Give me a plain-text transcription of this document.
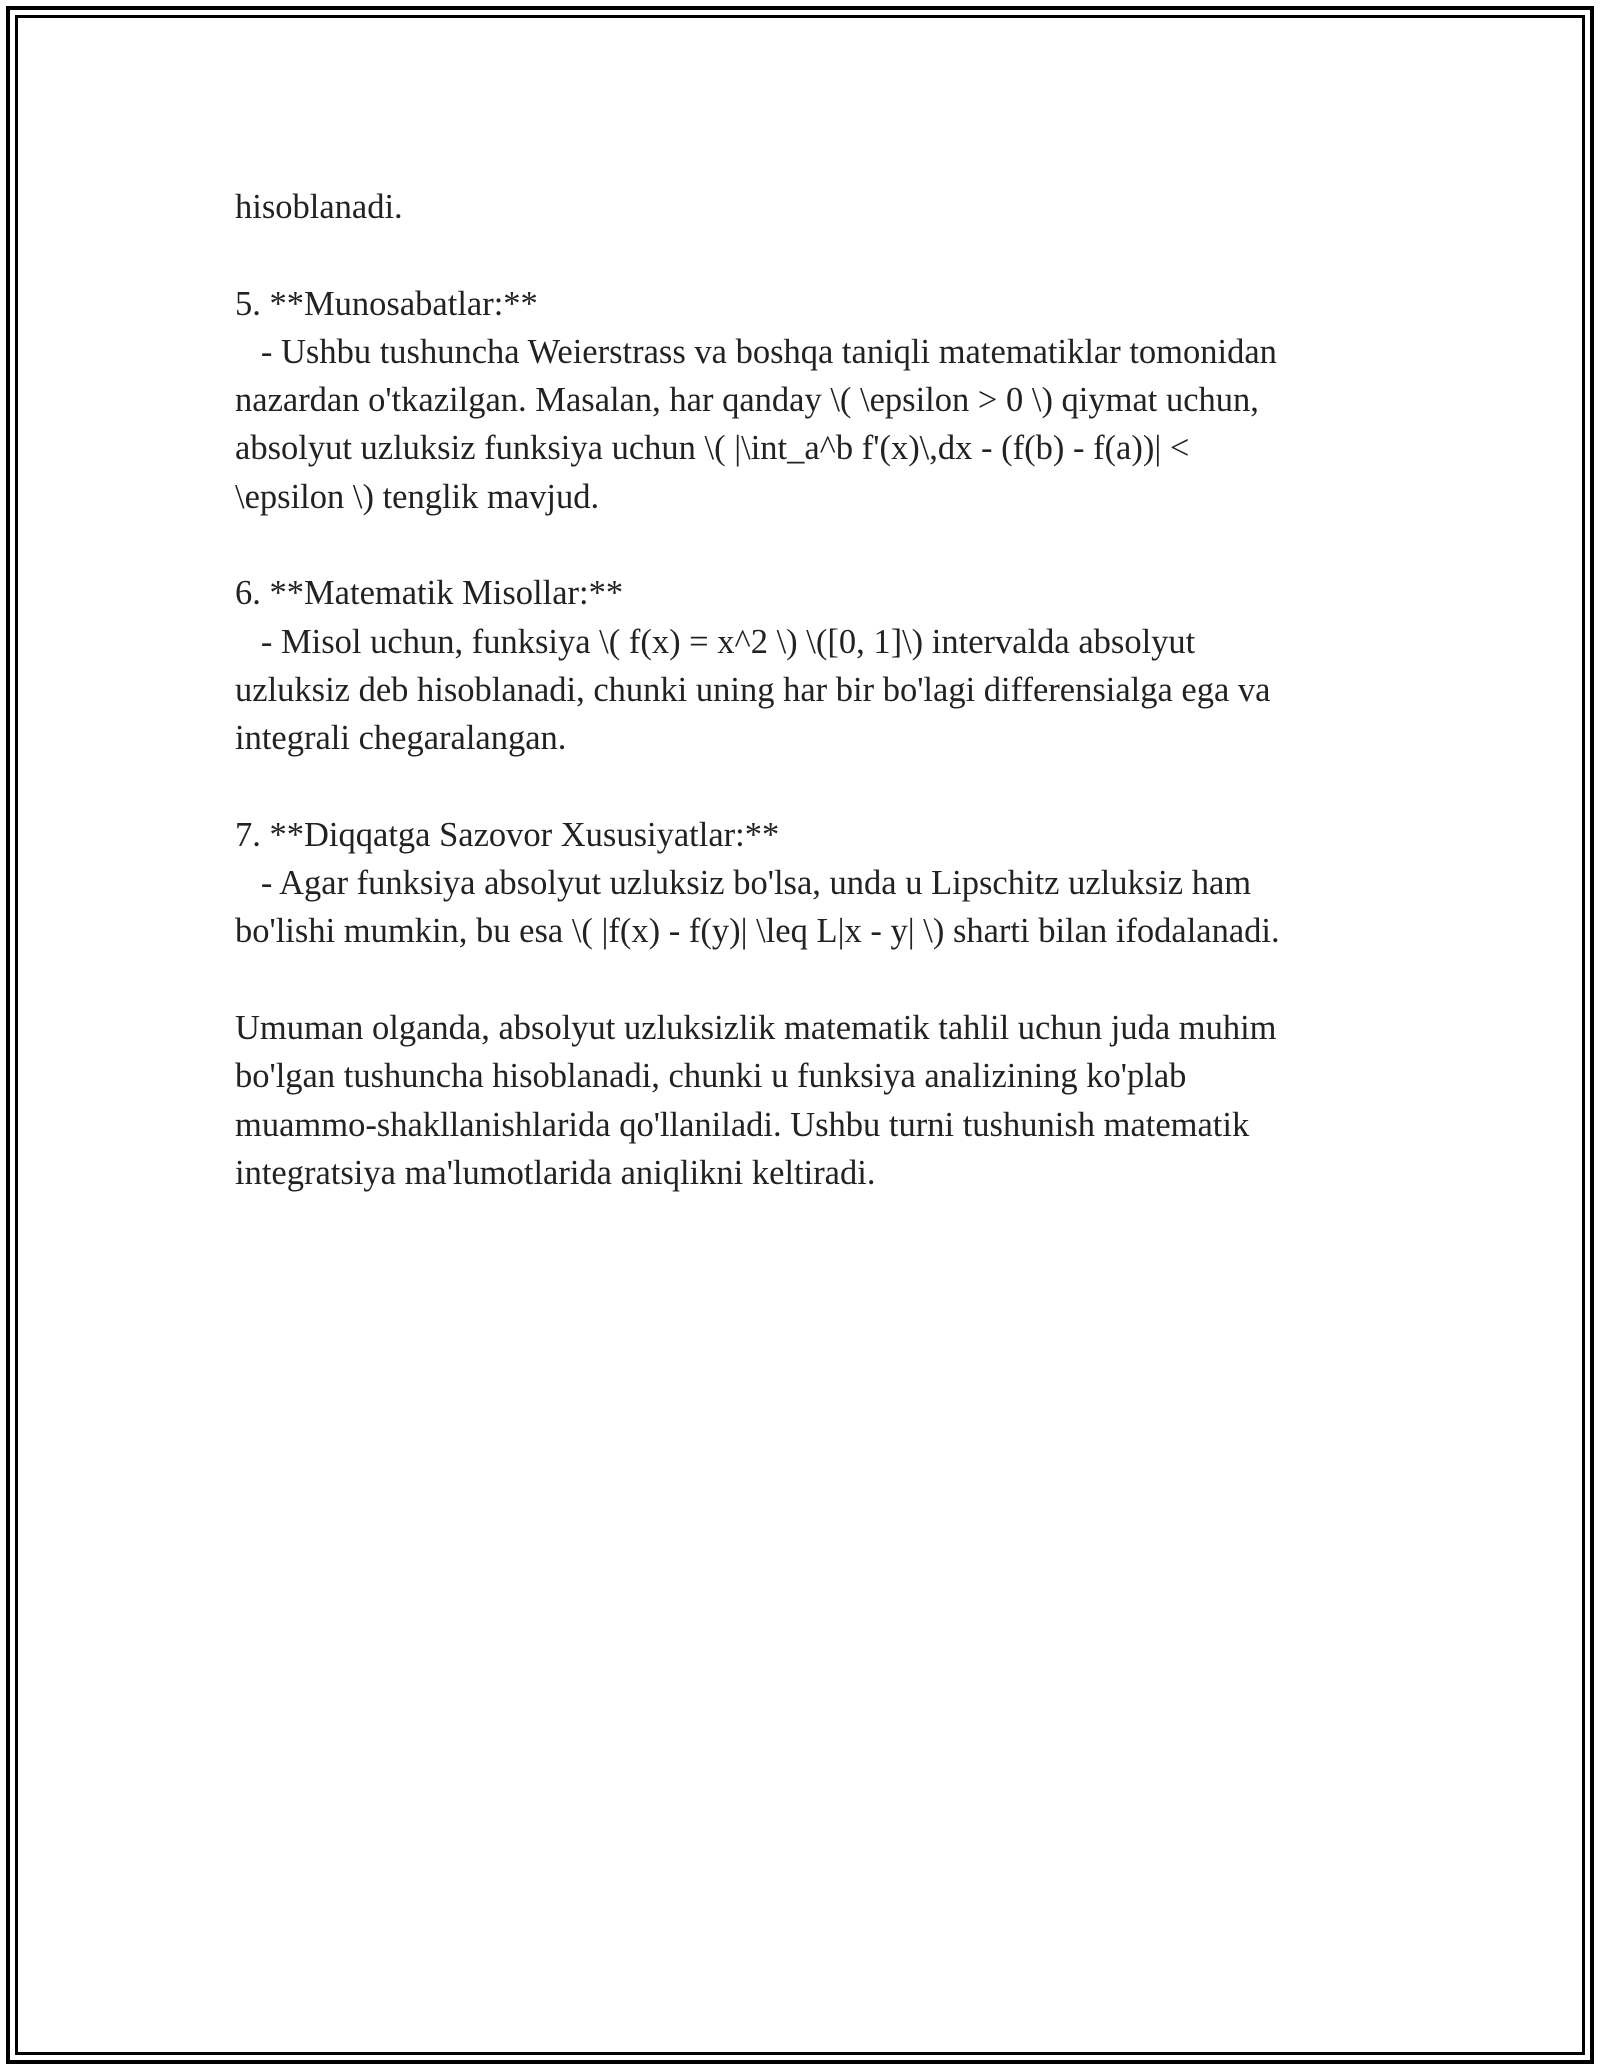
hisoblanadi.
5. **Munosabatlar:**
- Ushbu tushuncha Weierstrass va boshqa taniqli matematiklar tomonidan
nazardan o'tkazilgan. Masalan, har qanday \( \epsilon > 0 \) qiymat uchun,
absolyut uzluksiz funksiya uchun \( |\int_a^b f'(x)\,dx - (f(b) - f(a))| <
\epsilon \) tenglik mavjud.
6. **Matematik Misollar:**
- Misol uchun, funksiya \( f(x) = x^2 \) \([0, 1]\) intervalda absolyut
uzluksiz deb hisoblanadi, chunki uning har bir bo'lagi differensialga ega va
integrali chegaralangan.
7. **Diqqatga Sazovor Xususiyatlar:**
- Agar funksiya absolyut uzluksiz bo'lsa, unda u Lipschitz uzluksiz ham
bo'lishi mumkin, bu esa \( |f(x) - f(y)| \leq L|x - y| \) sharti bilan ifodalanadi.
Umuman olganda, absolyut uzluksizlik matematik tahlil uchun juda muhim
bo'lgan tushuncha hisoblanadi, chunki u funksiya analizining ko'plab
muammo-shakllanishlarida qo'llaniladi. Ushbu turni tushunish matematik
integratsiya ma'lumotlarida aniqlikni keltiradi.
